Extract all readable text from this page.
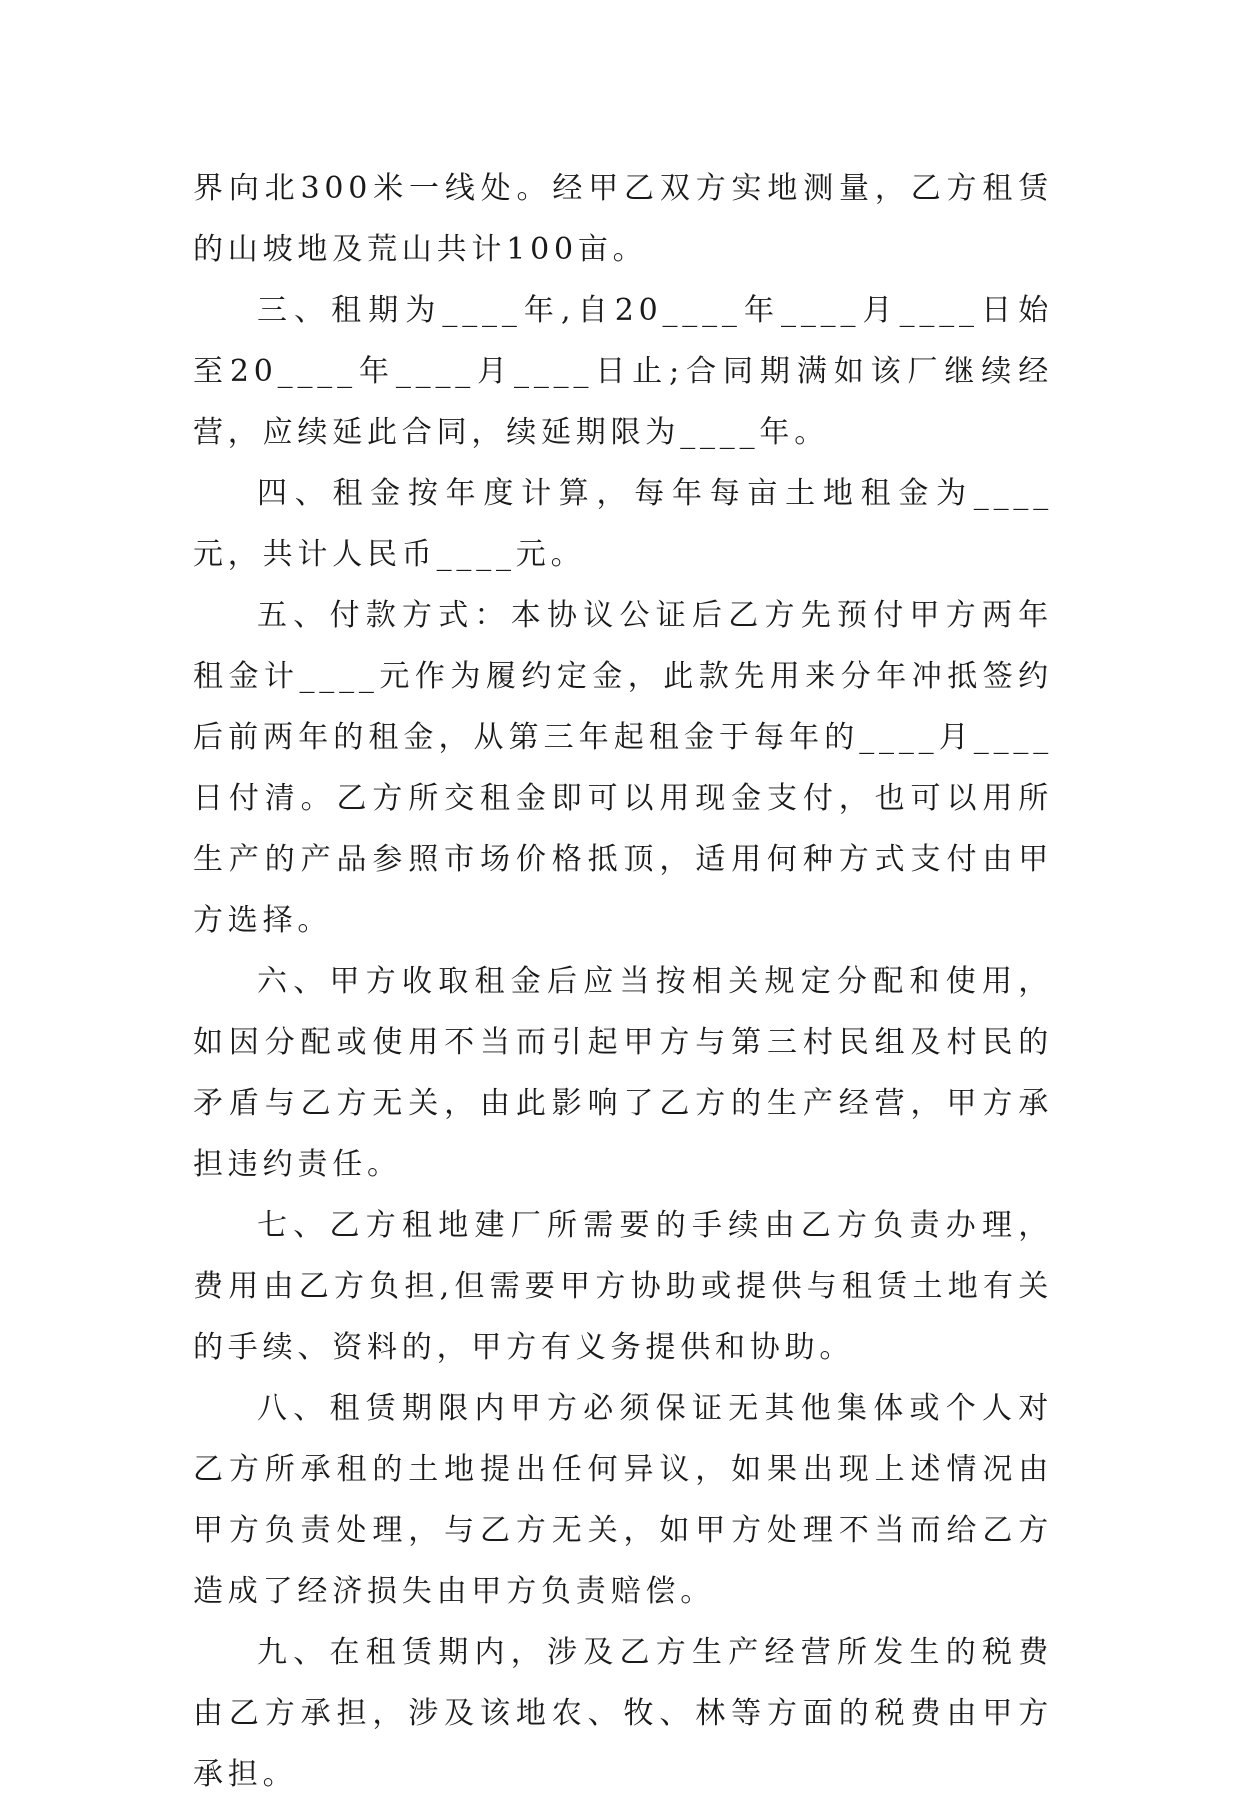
界向北300米一线处。经甲乙双方实地测量，乙方租赁的山坡地及荒山共计100亩。

三、租期为____年,自20____年____月____日始至20____年____月____日止;合同期满如该厂继续经营，应续延此合同，续延期限为____年。

四、租金按年度计算，每年每亩土地租金为____元，共计人民币____元。

五、付款方式：本协议公证后乙方先预付甲方两年租金计____元作为履约定金，此款先用来分年冲抵签约后前两年的租金，从第三年起租金于每年的____月____日付清。乙方所交租金即可以用现金支付，也可以用所生产的产品参照市场价格抵顶，适用何种方式支付由甲方选择。

六、甲方收取租金后应当按相关规定分配和使用，如因分配或使用不当而引起甲方与第三村民组及村民的矛盾与乙方无关，由此影响了乙方的生产经营，甲方承担违约责任。

七、乙方租地建厂所需要的手续由乙方负责办理，费用由乙方负担,但需要甲方协助或提供与租赁土地有关的手续、资料的，甲方有义务提供和协助。

八、租赁期限内甲方必须保证无其他集体或个人对乙方所承租的土地提出任何异议，如果出现上述情况由甲方负责处理，与乙方无关，如甲方处理不当而给乙方造成了经济损失由甲方负责赔偿。

九、在租赁期内，涉及乙方生产经营所发生的税费由乙方承担，涉及该地农、牧、林等方面的税费由甲方承担。
